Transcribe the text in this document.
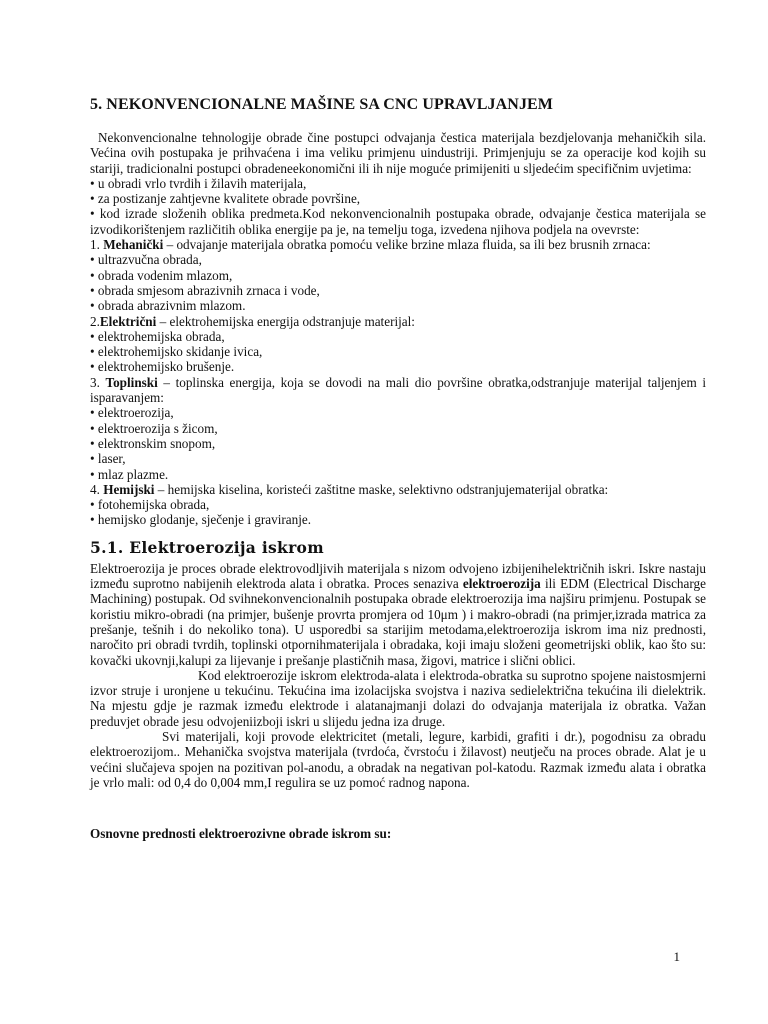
5. NEKONVENCIONALNE MAŠINE SA CNC UPRAVLJANJEM

Nekonvencionalne tehnologije obrade čine postupci odvajanja čestica materijala bezdjelovanja mehaničkih sila. Većina ovih postupaka je prihvaćena i ima veliku primjenu uindustriji. Primjenjuju se za operacije kod kojih su stariji, tradicionalni postupci obradeneekonomični ili ih nije moguće primijeniti u sljedećim specifičnim uvjetima:

• u obradi vrlo tvrdih i žilavih materijala,

• za postizanje zahtjevne kvalitete obrade površine,

• kod izrade složenih oblika predmeta.Kod nekonvencionalnih postupaka obrade, odvajanje čestica materijala se izvodikorištenjem različitih oblika energije pa je, na temelju toga, izvedena njihova podjela na ovevrste:

1. Mehanički – odvajanje materijala obratka pomoću velike brzine mlaza fluida, sa ili bez brusnih zrnaca:

• ultrazvučna obrada,

• obrada vodenim mlazom,

• obrada smjesom abrazivnih zrnaca i vode,

• obrada abrazivnim mlazom.

2.Električni – elektrohemijska energija odstranjuje materijal:

• elektrohemijska obrada,

• elektrohemijsko skidanje ivica,

• elektrohemijsko brušenje.

3. Toplinski – toplinska energija, koja se dovodi na mali dio površine obratka,odstranjuje materijal taljenjem i isparavanjem:

• elektroerozija,

• elektroerozija s žicom,

• elektronskim snopom,

• laser,

• mlaz plazme.

4. Hemijski – hemijska kiselina, koristeći zaštitne maske, selektivno odstranjujematerijal obratka:

• fotohemijska obrada,

• hemijsko glodanje, sječenje i graviranje.

5.1. Elektroerozija iskrom

Elektroerozija je proces obrade elektrovodljivih materijala s nizom odvojeno izbijenihelektričnih iskri. Iskre nastaju između suprotno nabijenih elektroda alata i obratka. Proces senaziva elektroerozija ili EDM (Electrical Discharge Machining) postupak. Od svihnekonvencionalnih postupaka obrade elektroerozija ima najširu primjenu. Postupak se koristiu mikro-obradi (na primjer, bušenje provrta promjera od 10μm ) i makro-obradi (na primjer,izrada matrica za prešanje, tešnih i do nekoliko tona). U usporedbi sa starijim metodama,elektroerozija iskrom ima niz prednosti, naročito pri obradi tvrdih, toplinski otpornihmaterijala i obradaka, koji imaju složeni geometrijski oblik, kao što su: kovački ukovnji,kalupi za lijevanje i prešanje plastičnih masa, žigovi, matrice i slični oblici.

Kod elektroerozije iskrom elektroda-alata i elektroda-obratka su suprotno spojene naistosmjerni izvor struje i uronjene u tekućinu. Tekućina ima izolacijska svojstva i naziva sedielektrična tekućina ili dielektrik. Na mjestu gdje je razmak između elektrode i alatanajmanji dolazi do odvajanja materijala iz obratka. Važan preduvjet obrade jesu odvojeniizboji iskri u slijedu jedna iza druge.

Svi materijali, koji provode elektricitet (metali, legure, karbidi, grafiti i dr.), pogodnisu za obradu elektroerozijom.. Mehanička svojstva materijala (tvrdoća, čvrstoću i žilavost) neutječu na proces obrade. Alat je u većini slučajeva spojen na pozitivan pol-anodu, a obradak na negativan pol-katodu. Razmak između alata i obratka je vrlo mali: od 0,4 do 0,004 mm,I regulira se uz pomoć radnog napona.

Osnovne prednosti elektroerozivne obrade iskrom su:
1
